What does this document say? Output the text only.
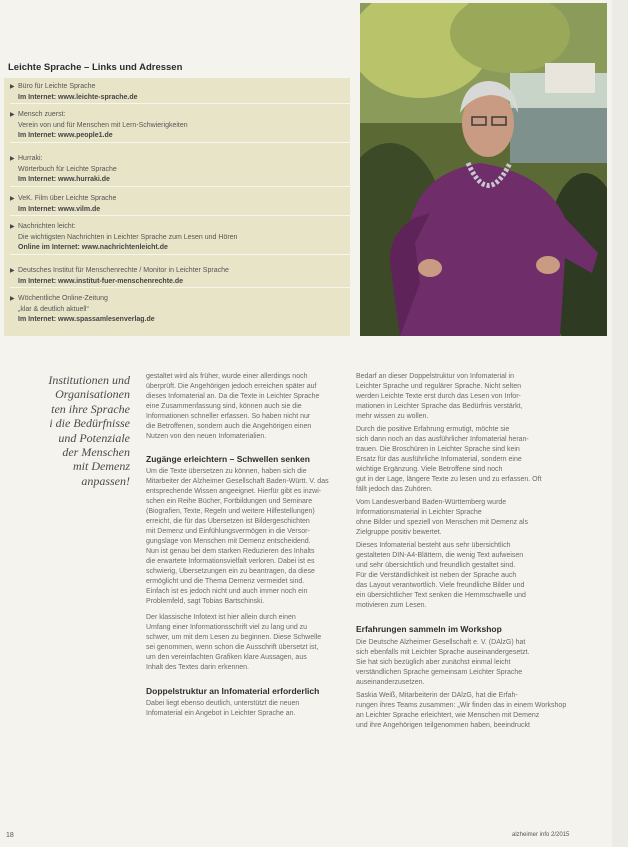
Leichte Sprache – Links und Adressen
▶ Büro für Leichte Sprache
Im Internet: www.leichte-sprache.de
▶ Mensch zuerst:
Verein von und für Menschen mit Lern-Schwierigkeiten
Im Internet: www.people1.de
▶ Hurraki:
Wörterbuch für Leichte Sprache
Im Internet: www.hurraki.de
▶ VeK. Film über Leichte Sprache
Im Internet: www.vilm.de
▶ Nachrichten leicht:
Die wichtigsten Nachrichten in Leichter Sprache zum Lesen und Hören
Online im Internet: www.nachrichtenleicht.de
▶ Deutsches Institut für Menschenrechte / Monitor in Leichter Sprache
Im Internet: www.institut-fuer-menschenrechte.de
▶ Wöchentliche Online-Zeitung
„klar & deutlich aktuell“
Im Internet: www.spassamlesenverlag.de
Institutionen und
Organisationen
ten ihre Sprache
i die Bedürfnisse
und Potenziale
der Menschen
mit Demenz
anpassen!

gestaltet wird als früher, wurde einer allerdings noch
überprüft. Die Angehörigen jedoch erreichen später auf
dieses Infomaterial an. Da die Texte in Leichter Sprache
eine Zusammenfassung sind, können auch sie die
Informationen schneller erfassen. So haben nicht nur
die Betroffenen, sondern auch die Angehörigen einen
Nutzen von den neuen Infomaterialien.

Zugänge erleichtern – Schwellen senken

Um die Texte übersetzen zu können, haben sich die
Mitarbeiter der Alzheimer Gesellschaft Baden-Württ. V. das
entsprechende Wissen angeeignet. Hierfür gibt es inzwi-
schen ein Reihe Bücher, Fortbildungen und Seminare
(Biografien, Texte, Regeln und weitere Hilfestellungen)
erreicht, die für das Übersetzen ist Bildergeschichten
mit Demenz und Einfühlungsvermögen in die Versor-
gungslage von Menschen mit Demenz entscheidend.
Nun ist genau bei dem starken Reduzieren des Inhalts
die erwartete Informationsvielfalt verloren. Dabei ist es
schwierig, Übersetzungen ein zu beantragen, da diese
ermöglicht und die Thema Demenz vermeidet sind.
Einfach ist es jedoch nicht und auch immer noch ein
Problemfeld, sagt Tobias Bartschinski.

Der klassische Infotext ist hier allein durch einen
Umfang einer Informationsschrift viel zu lang und zu
schwer, um mit dem Lesen zu beginnen. Diese Schwelle
sei genommen, wenn schon die Ausschrift übersetzt ist,
um den vereinfachten Grafiken klare Aussagen, aus
Inhalt des Textes darin erkennen.

Doppelstruktur an Infomaterial erforderlich

Dabei liegt ebenso deutlich, unterstützt die neuen
Infomaterial ein Angebot in Leichter Sprache an.

Bedarf an dieser Doppelstruktur von Infomaterial in
Leichter Sprache und regulärer Sprache. Nicht selten
werden Leichte Texte erst durch das Lesen von Infor-
mationen in Leichter Sprache das Bedürfnis verstärkt,
mehr wissen zu wollen.

Durch die positive Erfahrung ermutigt, möchte sie
sich dann noch an das ausführlicher Infomaterial heran-
trauen. Die Broschüren in Leichter Sprache sind kein
Ersatz für das ausführliche Infomaterial, sondern eine
wichtige Ergänzung. Viele Betroffene sind noch
gut in der Lage, längere Texte zu lesen und zu erfassen. Oft
fällt jedoch das Zuhören.

Vom Landesverband Baden-Württemberg wurde
Informationsmaterial in Leichter Sprache
ohne Bilder und speziell von Menschen mit Demenz als
Zielgruppe positiv bewertet.

Dieses Infomaterial besteht aus sehr übersichtlich
gestalteten DIN-A4-Blättern, die wenig Text aufweisen
und sehr übersichtlich und freundlich gestaltet sind.
Für die Verständlichkeit ist neben der Sprache auch
das Layout verantwortlich. Viele freundliche Bilder und
ein übersichtlicher Text senken die Hemmschwelle und
motivieren zum Lesen.

Erfahrungen sammeln im Workshop

Die Deutsche Alzheimer Gesellschaft e. V. (DAlzG) hat
sich ebenfalls mit Leichter Sprache auseinandergesetzt.
Sie hat sich bezüglich aber zunächst einmal leicht
verständlichen Sprache gemeinsam Leichter Sprache
auseinanderzusetzen.

Saskia Weiß, Mitarbeiterin der DAlzG, hat die Erfah-
rungen ihres Teams zusammen: „Wir finden das in einem Workshop
an Leichter Sprache erleichtert, wie Menschen mit Demenz
und ihre Angehörigen teilgenommen haben, beeindruckt

18	alzheimer info 2/2015
